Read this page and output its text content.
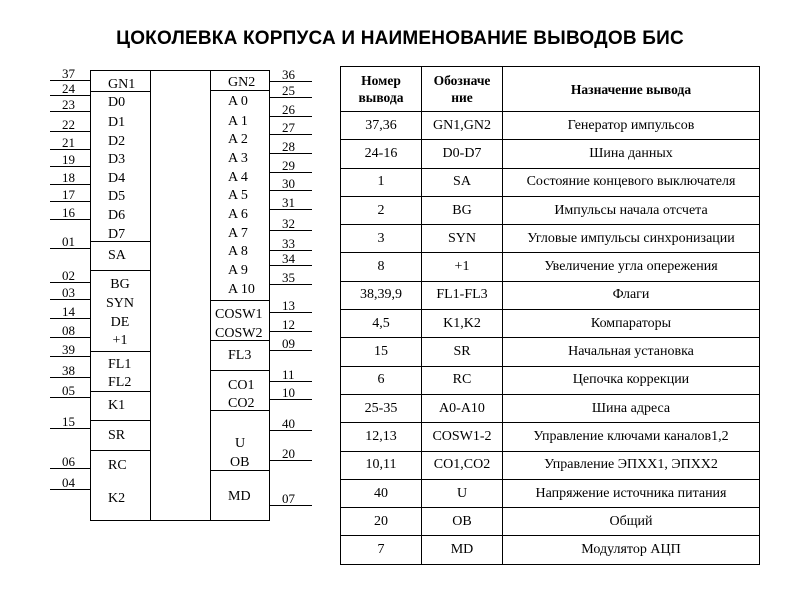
ЦОКОЛЕВКА КОРПУСА И НАИМЕНОВАНИЕ ВЫВОДОВ БИС
37
24
23
22
21
19
18
17
16
01
02
03
14
08
39
38
05
15
06
04
36
25
26
27
28
29
30
31
32
33
34
35
13
12
09
11
10
40
20
07
GN1
D0
D1
D2
D3
D4
D5
D6
D7
SA
BG
SYN
DE
+1
FL1
FL2
K1
SR
RC
K2
GN2
A 0
A 1
A 2
A 3
A 4
A 5
A 6
A 7
A 8
A 9
A 10
COSW1
COSW2
FL3
CO1
CO2
U
OB
MD
Номер вывода	Обозначе ние	Назначение вывода
37,36	GN1,GN2	Генератор импульсов
24-16	D0-D7	Шина данных
1	SA	Состояние концевого выключателя
2	BG	Импульсы начала отсчета
3	SYN	Угловые импульсы синхронизации
8	+1	Увеличение угла опережения
38,39,9	FL1-FL3	Флаги
4,5	K1,K2	Компараторы
15	SR	Начальная установка
6	RC	Цепочка коррекции
25-35	A0-A10	Шина адреса
12,13	COSW1-2	Управление ключами каналов1,2
10,11	CO1,CO2	Управление ЭПХХ1, ЭПХХ2
40	U	Напряжение источника питания
20	OB	Общий
7	MD	Модулятор АЦП
